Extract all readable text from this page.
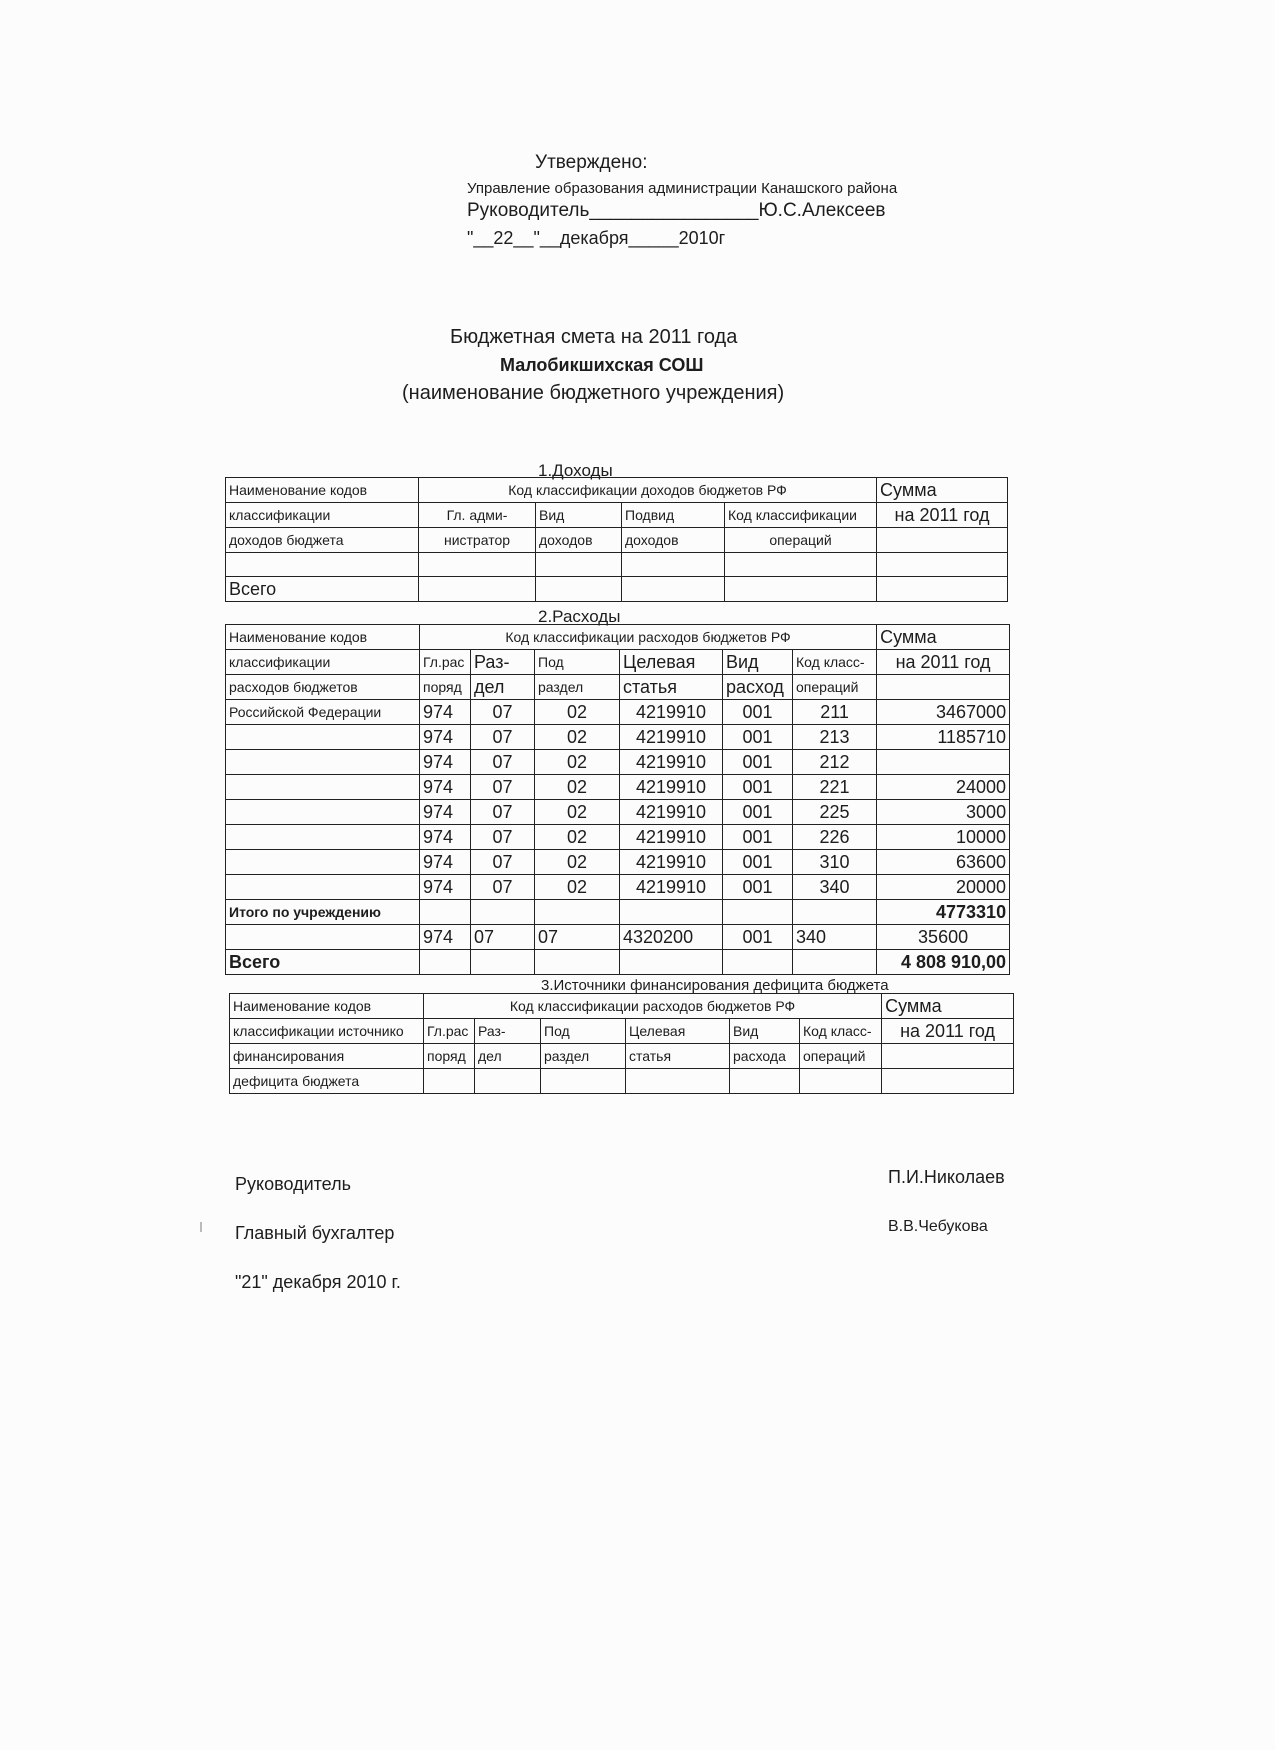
Утверждено:
Управление образования администрации Канашского района
Руководитель________________Ю.С.Алексеев
"__22__"__декабря_____2010г
Бюджетная смета на 2011 года
Малобикшихская СОШ
(наименование бюджетного учреждения)
1.Доходы
Наименование кодов	Код классификации доходов бюджетов РФ				Сумма
классификации	Гл. адми-	Вид	Подвид	Код классификации	на 2011 год
доходов бюджета	нистратор	доходов	доходов	операций	

Всего					
2.Расходы
Наименование кодов	Код классификации расходов бюджетов РФ						Сумма
классификации	Гл.рас	Раз-	Под	Целевая	Вид	Код класс-	на 2011 год
расходов бюджетов	поряд	дел	раздел	статья	расход	операций	
Российской Федерации	974	07	02	4219910	001	211	3467000
	974	07	02	4219910	001	213	1185710
	974	07	02	4219910	001	212	
	974	07	02	4219910	001	221	24000
	974	07	02	4219910	001	225	3000
	974	07	02	4219910	001	226	10000
	974	07	02	4219910	001	310	63600
	974	07	02	4219910	001	340	20000
Итого по учреждению							4773310
	974	07	07	4320200	001	340	35600
Всего							4 808 910,00
3.Источники финансирования дефицита бюджета
Наименование кодов	Код классификации расходов бюджетов РФ						Сумма
классификации источнико	Гл.рас	Раз-	Под	Целевая	Вид	Код класс-	на 2011 год
финансирования	поряд	дел	раздел	статья	расхода	операций	
дефицита бюджета							
Руководитель	П.И.Николаев
Главный бухгалтер	В.В.Чебукова
"21" декабря 2010 г.
